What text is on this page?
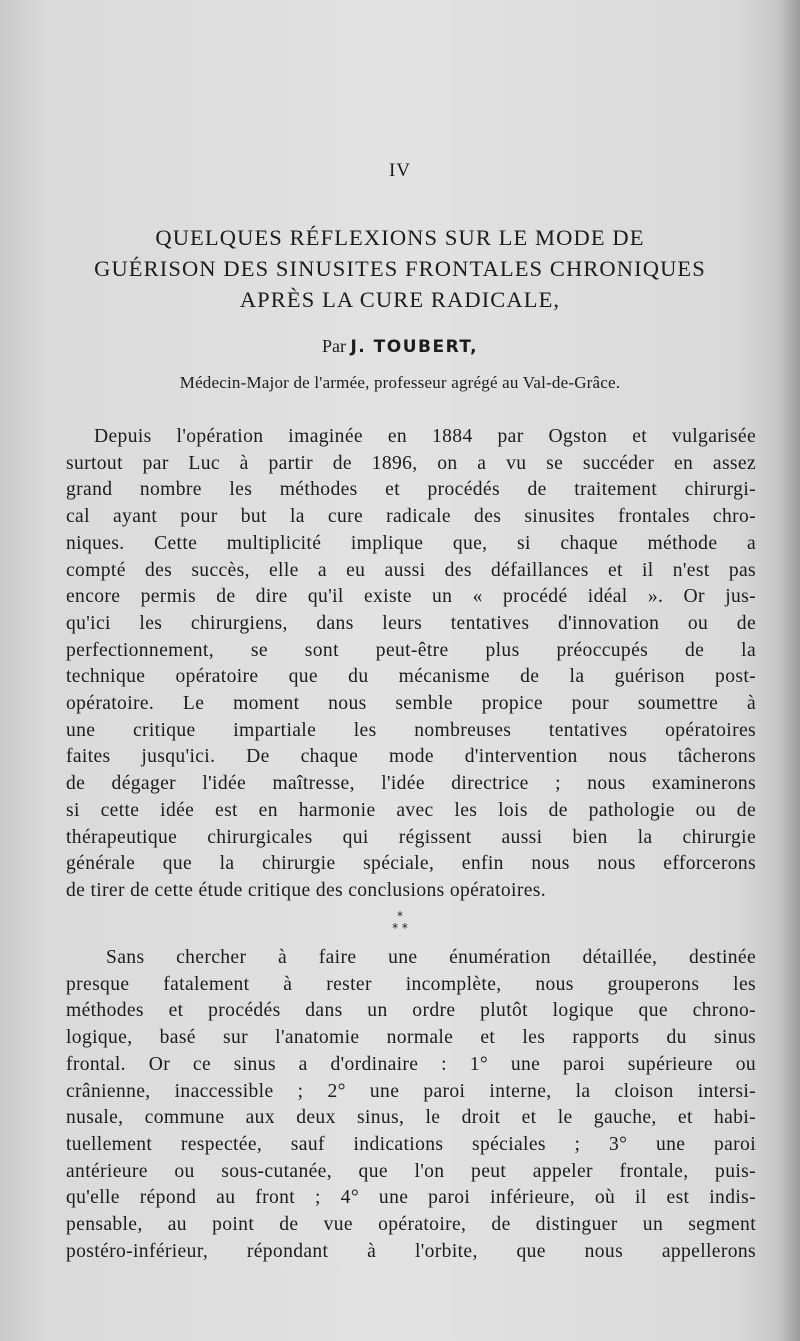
IV
QUELQUES RÉFLEXIONS SUR LE MODE DE
GUÉRISON DES SINUSITES FRONTALES CHRONIQUES
APRÈS LA CURE RADICALE,
Par J. TOUBERT,
Médecin-Major de l'armée, professeur agrégé au Val-de-Grâce.
Depuis l'opération imaginée en 1884 par Ogston et vulgarisée
surtout par Luc à partir de 1896, on a vu se succéder en assez
grand nombre les méthodes et procédés de traitement chirurgi-
cal ayant pour but la cure radicale des sinusites frontales chro-
niques. Cette multiplicité implique que, si chaque méthode a
compté des succès, elle a eu aussi des défaillances et il n'est pas
encore permis de dire qu'il existe un « procédé idéal ». Or jus-
qu'ici les chirurgiens, dans leurs tentatives d'innovation ou de
perfectionnement, se sont peut-être plus préoccupés de la
technique opératoire que du mécanisme de la guérison post-
opératoire. Le moment nous semble propice pour soumettre à
une critique impartiale les nombreuses tentatives opératoires
faites jusqu'ici. De chaque mode d'intervention nous tâcherons
de dégager l'idée maîtresse, l'idée directrice ; nous examinerons
si cette idée est en harmonie avec les lois de pathologie ou de
thérapeutique chirurgicales qui régissent aussi bien la chirurgie
générale que la chirurgie spéciale, enfin nous nous efforcerons
de tirer de cette étude critique des conclusions opératoires.
*
* *
Sans chercher à faire une énumération détaillée, destinée
presque fatalement à rester incomplète, nous grouperons les
méthodes et procédés dans un ordre plutôt logique que chrono-
logique, basé sur l'anatomie normale et les rapports du sinus
frontal. Or ce sinus a d'ordinaire : 1° une paroi supérieure ou
crânienne, inaccessible ; 2° une paroi interne, la cloison intersi-
nusale, commune aux deux sinus, le droit et le gauche, et habi-
tuellement respectée, sauf indications spéciales ; 3° une paroi
antérieure ou sous-cutanée, que l'on peut appeler frontale, puis-
qu'elle répond au front ; 4° une paroi inférieure, où il est indis-
pensable, au point de vue opératoire, de distinguer un segment
postéro-inférieur, répondant à l'orbite, que nous appellerons
